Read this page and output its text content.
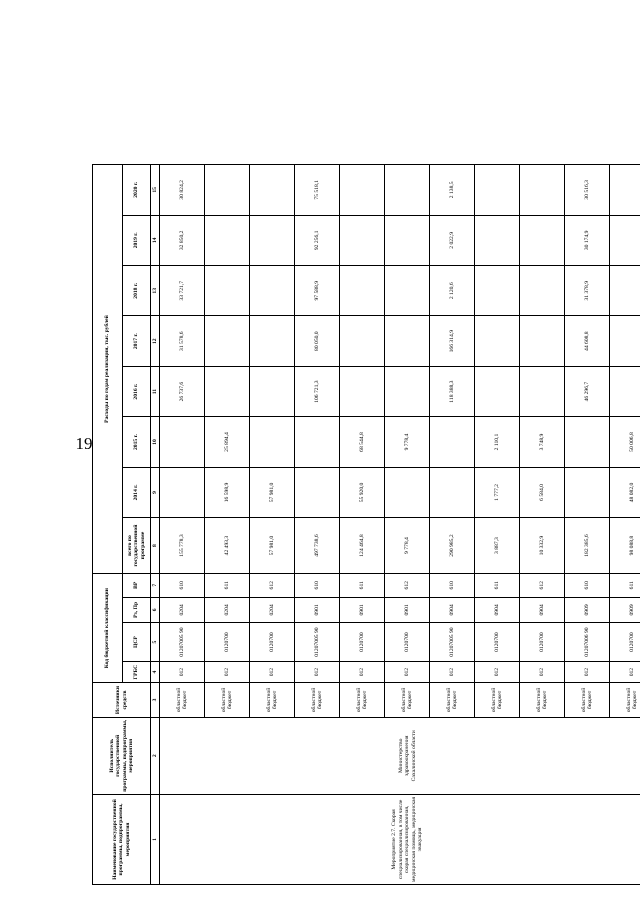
19
Наименование государственной программы, подпрограммы, мероприятия	Исполнитель государственной программы, подпрограммы, мероприятия	Источники средств	Код бюджетной классификации				Расходы по годам реализации, тыс. рублей							
			ГРБС	ЦСР	Рз, Пр	ВР	всего по государственной программе	2014 г.	2015 г.	2016 г.	2017 г.	2018 г.	2019 г.	2020 г.
1	2	3	4	5	6	7	8	9	10	11	12	13	14	15
Мероприятие 2.7. Скорая специализированная, в том числе скорая специализированная, медицинская помощь, медицинская эвакуация	Министерство здравоохранения Сахалинской области	областной бюджет	012	01207005 90	0204	610	155 778,3			26 737,6	31 578,6	33 721,7	32 850,2	30 824,2
		областной бюджет	012	0120700	0204	611	42 493,3	16 598,9	25 894,4					
		областной бюджет	012	0120700	0204	612	57 981,0	57 981,0						
		областной бюджет	012	01207005 90	0901	610	497 738,6			106 721,3	80 050,0	97 588,9	92 256,1	75 518,1
		областной бюджет	012	0120700	0901	611	124 464,8	55 920,0	68 544,8					
		областной бюджет	012	0120700	0901	612	9 778,4		9 778,4					
		областной бюджет	012	01207005 90	0904	610	290 985,2			118 388,3	166 314,9	2 120,6	2 022,9	2 138,5
		областной бюджет	012	0120700	0904	611	3 887,3	1 777,2	2 110,1					
		областной бюджет	012	0120700	0904	612	10 332,9	6 584,0	3 748,9					
		областной бюджет	012	01207006 90	0909	610	182 385,6			46 296,7	44 608,8	31 378,9	30 174,9	30 516,3
		областной бюджет	012	0120700	0909	611	98 088,8	48 082,0	50 006,8					
